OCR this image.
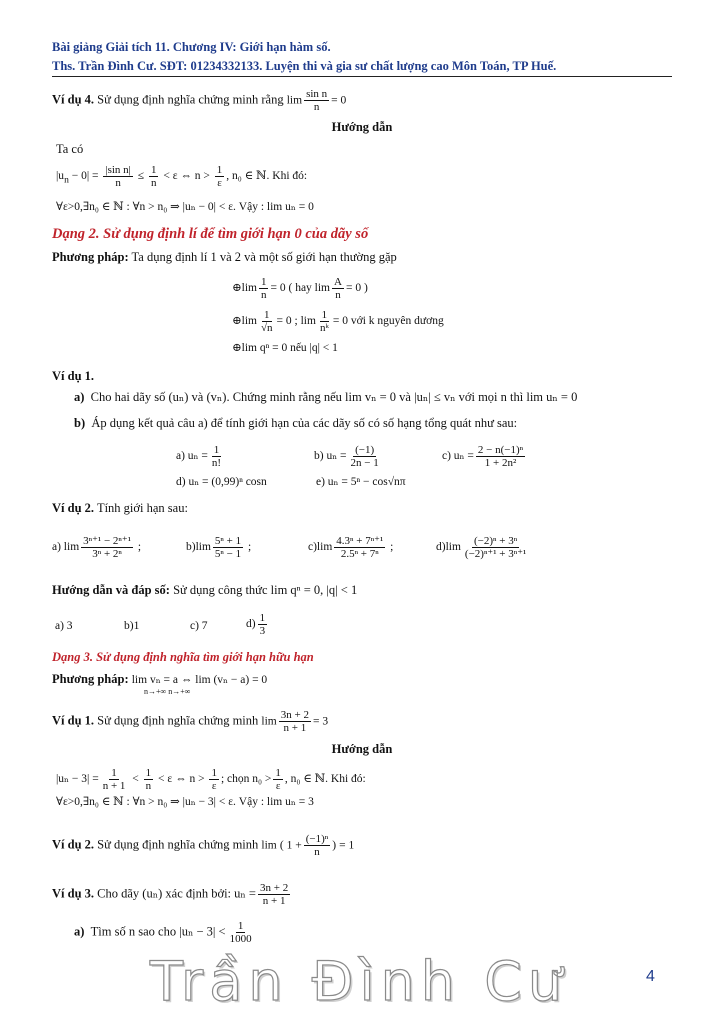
Bài giảng Giải tích 11. Chương IV: Giới hạn hàm số.
Ths. Trần Đình Cư. SĐT: 01234332133. Luyện thi và gia sư chất lượng cao Môn Toán, TP Huế.
Ví dụ 4. Sử dụng định nghĩa chứng minh rằng $\lim \frac{\text{sin n}}{n} = 0$
Hướng dẫn
Ta có
$|u_n - 0| = \frac{\text{|sin n|}}{n} \le \frac{1}{n} < \varepsilon$ ⇔ $n > \frac{1}{\varepsilon}$ , n₀ ∈ ℕ. Khi đó:
∀ε>0,∃n₀ ∈ ℕ : ∀n > n₀ ⇒ |uₙ − 0| < ε. Vậy : lim uₙ = 0
Dạng 2. Sử dụng định lí để tìm giới hạn 0 của dãy số
Phương pháp: Ta dụng định lí 1 và 2 và một số giới hạn thường gặp
⊕lim $\frac{1}{n} = 0$ ( hay $\lim \frac{A}{n} = 0$ )
⊕lim $\frac{1}{√n} = 0$ ; $\lim \frac{1}{\text{nᵏ}} = 0$ với k nguyên dương
⊕lim qⁿ = 0 nếu |q| < 1
Ví dụ 1.
a) Cho hai dãy số (uₙ) và (vₙ). Chứng minh rằng nếu lim vₙ = 0 và |uₙ| ≤ vₙ với mọi n thì lim uₙ = 0
b) Áp dụng kết quả câu a) để tính giới hạn của các dãy số có số hạng tổng quát như sau:
a) $u_n = \frac{1}{n!}$	b) $u_n = \frac{(-1)}{2n - 1}$	c) $u_n = \frac{\text{2 − n(−1)ⁿ}}{\text{1 + 2n²}}$
d) uₙ = (0,99)ⁿ cosn	e) uₙ = 5ⁿ − cos√nπ
Ví dụ 2. Tính giới hạn sau:
a) $\lim \frac{\text{3ⁿ⁺¹ − 2ⁿ⁺¹}}{\text{3ⁿ + 2ⁿ}}$ ;	$b)\lim \frac{\text{5ⁿ + 1}}{\text{5ⁿ − 1}}$ ;	$c)\lim \frac{\text{4.3ⁿ + 7ⁿ⁺¹}}{\text{2.5ⁿ + 7ⁿ}}$ ;	$d)\lim \frac{\text{(−2)ⁿ + 3ⁿ}}{\text{(−2)ⁿ⁺¹ + 3ⁿ⁺¹}}$
Hướng dẫn và đáp số: Sử dụng công thức lim qⁿ = 0, |q| < 1
a) 3	b)1	c) 7	$d) \frac{1}{3}$
Dạng 3. Sử dụng định nghĩa tìm giới hạn hữu hạn
Phương pháp: lim vₙ = a ⇔ lim (vₙ − a) = 0
n→+∞ n→+∞
Ví dụ 1. Sử dụng định nghĩa chứng minh $\lim \frac{3n + 2}{n + 1} = 3$
Hướng dẫn
$|u_n - 3| = \frac{1}{n + 1} < \frac{1}{n} < \varepsilon$ ⇔ $n > \frac{1}{\varepsilon}$ ; chọn $n_0 > \frac{1}{\varepsilon}$ , n₀ ∈ ℕ. Khi đó:
∀ε>0,∃n₀ ∈ ℕ : ∀n > n₀ ⇒ |uₙ − 3| < ε. Vậy : lim uₙ = 3
Ví dụ 2. Sử dụng định nghĩa chứng minh lim ( $1 + \frac{\text{(−1)ⁿ}}{n}$ ) = 1
Ví dụ 3. Cho dãy (uₙ) xác định bởi: $u_n = \frac{3n + 2}{n + 1}$
a) Tìm số n sao cho $|u_n - 3| < \frac{1}{1000}$
Trần Đình Cư	4
